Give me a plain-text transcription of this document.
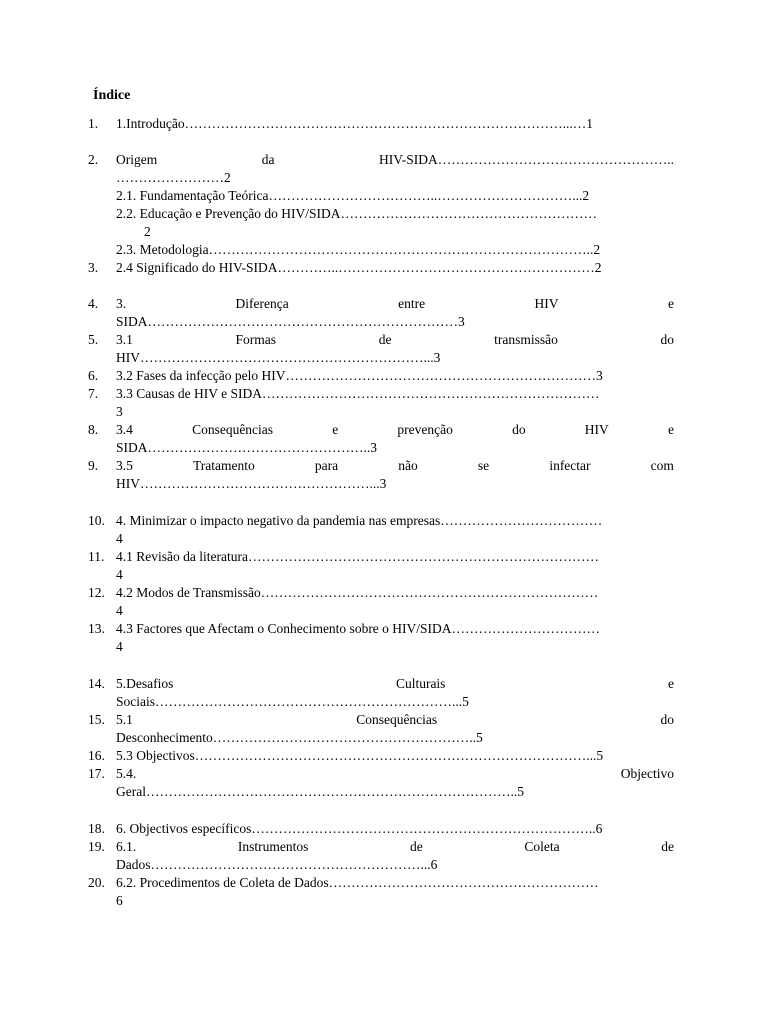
Índice
1.	1.Introdução…………………………………………………………………………...…1
2.	Origem	da	HIV-SIDA……………………………………………..
……………………2
2.1. Fundamentação Teórica………………………………..…………………………...2
2.2. Educação e Prevenção do HIV/SIDA…………………………………………………
2
2.3. Metodologia…………………………………………………………………………..2
3.	2.4 Significado do HIV-SIDA…………..…………………………………………………2
4.	3.	Diferença	entre	HIV	e
SIDA……………………………………………………………3
5.	3.1	Formas	de	transmissão	do
HIV………………………………………………………...3
6.	3.2 Fases da infecção pelo HIV……………………………………………………………3
7.	3.3 Causas de HIV e SIDA…………………………………………………………………
3
8.	3.4	Consequências	e	prevenção	do	HIV	e
SIDA…………………………………………..3
9.	3.5	Tratamento	para	não	se	infectar	com
HIV……………………………………………...3
10. 4. Minimizar o impacto negativo da pandemia nas empresas………………………………
4
11. 4.1 Revisão da literatura……………………………………………………………………
4
12. 4.2 Modos de Transmissão…………………………………………………………………
4
13. 4.3 Factores que Afectam o Conhecimento sobre o HIV/SIDA……………………………
4
14. 5.Desafios	Culturais	e
Sociais…………………………………………………………...5
15. 5.1	Consequências	do
Desconhecimento…………………………………………………..5
16. 5.3 Objectivos……………………………………………………………………………...5
17. 5.4.	Objectivo
Geral………………………………………………………………………..5
18. 6. Objectivos específicos…………………………………………………………………..6
19. 6.1.	Instrumentos	de	Coleta	de
Dados……………………………………………………...6
20. 6.2. Procedimentos de Coleta de Dados……………………………………………………
6
